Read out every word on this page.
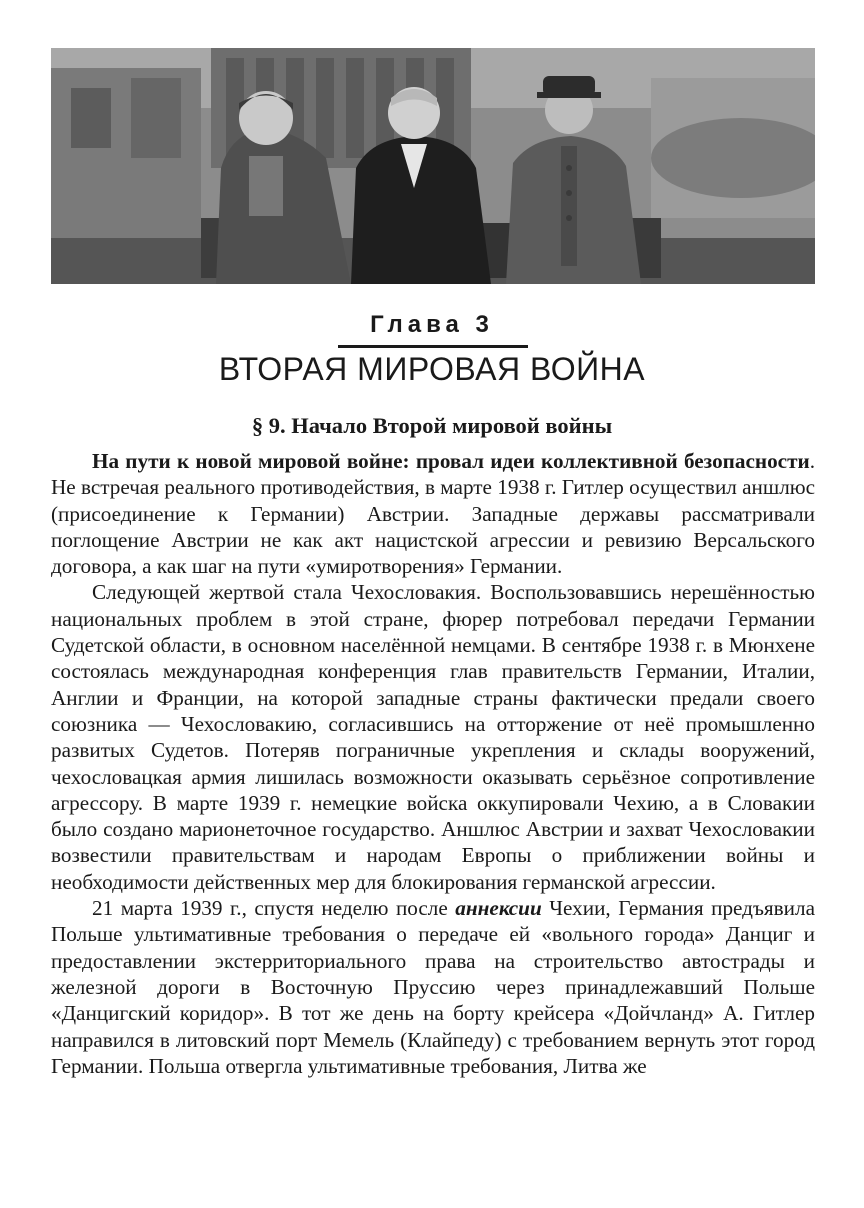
Глава 3
ВТОРАЯ МИРОВАЯ ВОЙНА
§ 9. Начало Второй мировой войны

На пути к новой мировой войне: провал идеи коллективной безопасности. Не встречая реального противодействия, в марте 1938 г. Гитлер осуществил аншлюс (присоединение к Германии) Австрии. Западные державы рассматривали поглощение Австрии не как акт нацистской агрессии и ревизию Версальского договора, а как шаг на пути «умиротворения» Германии.

Следующей жертвой стала Чехословакия. Воспользовавшись нерешённостью национальных проблем в этой стране, фюрер потребовал передачи Германии Судетской области, в основном населённой немцами. В сентябре 1938 г. в Мюнхене состоялась международная конференция глав правительств Германии, Италии, Англии и Франции, на которой западные страны фактически предали своего союзника — Чехословакию, согласившись на отторжение от неё промышленно развитых Судетов. Потеряв пограничные укрепления и склады вооружений, чехословацкая армия лишилась возможности оказывать серьёзное сопротивление агрессору. В марте 1939 г. немецкие войска оккупировали Чехию, а в Словакии было создано марионеточное государство. Аншлюс Австрии и захват Чехословакии возвестили правительствам и народам Европы о приближении войны и необходимости действенных мер для блокирования германской агрессии.

21 марта 1939 г., спустя неделю после аннексии Чехии, Германия предъявила Польше ультимативные требования о передаче ей «вольного города» Данциг и предоставлении экстерриториального права на строительство автострады и железной дороги в Восточную Пруссию через принадлежавший Польше «Данцигский коридор». В тот же день на борту крейсера «Дойчланд» А. Гитлер направился в литовский порт Мемель (Клайпеду) с требованием вернуть этот город Германии. Польша отвергла ультимативные требования, Литва же
